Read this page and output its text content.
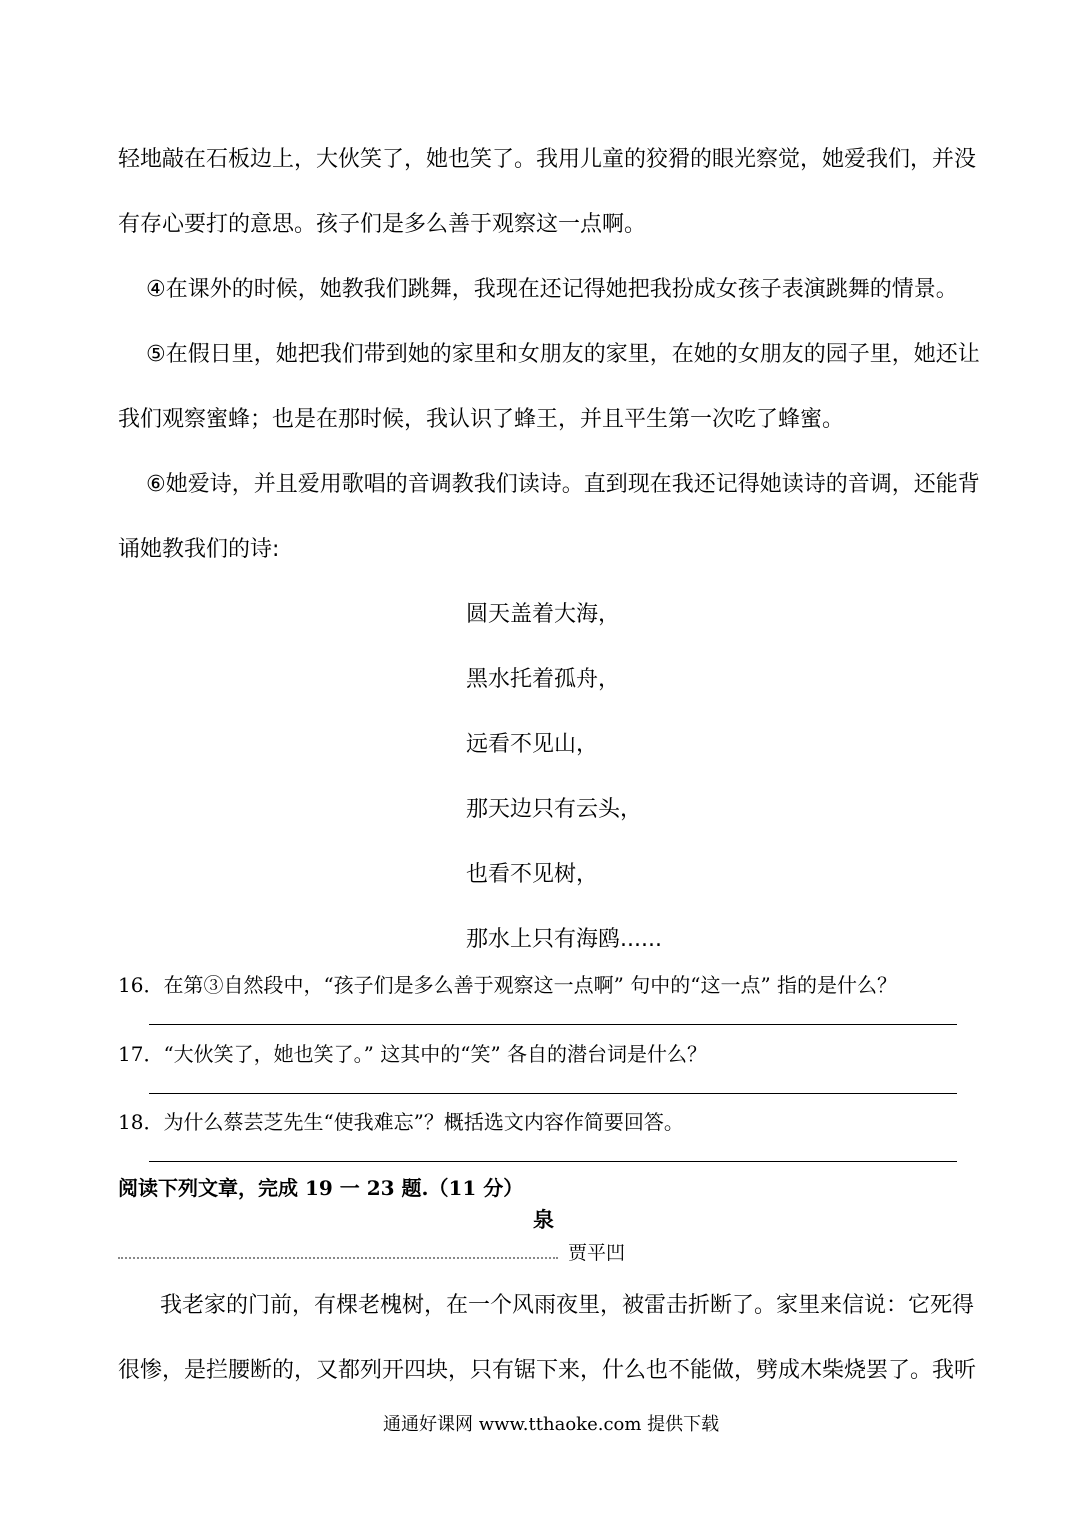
轻地敲在石板边上，大伙笑了，她也笑了。我用儿童的狡猾的眼光察觉，她爱我们，并没

有存心要打的意思。孩子们是多么善于观察这一点啊。

④在课外的时候，她教我们跳舞，我现在还记得她把我扮成女孩子表演跳舞的情景。

⑤在假日里，她把我们带到她的家里和女朋友的家里，在她的女朋友的园子里，她还让

我们观察蜜蜂；也是在那时候，我认识了蜂王，并且平生第一次吃了蜂蜜。

⑥她爱诗，并且爱用歌唱的音调教我们读诗。直到现在我还记得她读诗的音调，还能背

诵她教我们的诗:

圆天盖着大海，

黑水托着孤舟，

远看不见山，

那天边只有云头，

也看不见树，

那水上只有海鸥......

16．在第③自然段中，“孩子们是多么善于观察这一点啊” 句中的“这一点” 指的是什么？

17．“大伙笑了，她也笑了。” 这其中的“笑” 各自的潜台词是什么？

18．为什么蔡芸芝先生“使我难忘”？概括选文内容作简要回答。

阅读下列文章，完成 19 一 23 题.（11 分）

泉

贾平凹

我老家的门前，有棵老槐树，在一个风雨夜里，被雷击折断了。家里来信说：它死得

很惨，是拦腰断的，又都列开四块，只有锯下来，什么也不能做，劈成木柴烧罢了。我听

通通好课网 www.tthaoke.com 提供下载
